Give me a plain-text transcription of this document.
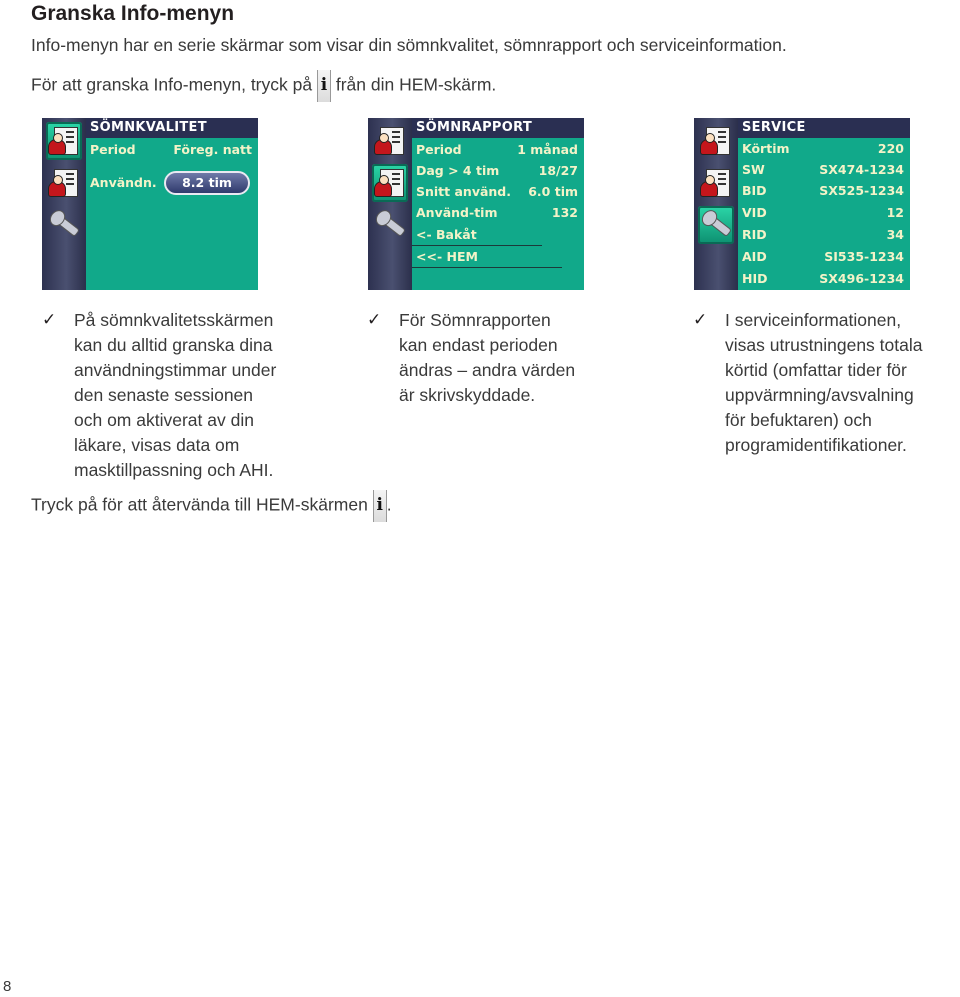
Granska Info-menyn
Info-menyn har en serie skärmar som visar din sömnkvalitet, sömnrapport och serviceinformation.
För att granska Info-menyn, tryck på i från din HEM-skärm.
SÖMNKVALITET
Period	Föreg. natt
Användn.	8.2 tim
SÖMNRAPPORT
Period	1 månad
Dag > 4 tim	18/27
Snitt använd. 6.0 tim
Använd-tim	132
<- Bakåt
<<- HEM
SERVICE
Körtim	220
SW	SX474-1234
BID	SX525-1234
VID	12
RID	34
AID	SI535-1234
HID	SX496-1234
✓ På sömnkvalitetsskärmen
kan du alltid granska dina
användningstimmar under
den senaste sessionen
och om aktiverat av din
läkare, visas data om
masktillpassning och AHI.
✓ För Sömnrapporten
kan endast perioden
ändras – andra värden
är skrivskyddade.
✓ I serviceinformationen,
visas utrustningens totala
körtid (omfattar tider för
uppvärmning/avsvalning
för befuktaren) och
programidentifikationer.
Tryck på för att återvända till HEM-skärmen i .
8
